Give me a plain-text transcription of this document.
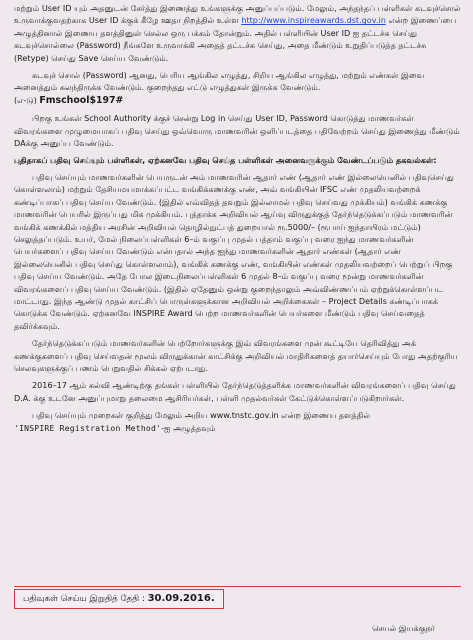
மற்றும் User ID யும் அதனுடன் சேர்த்து இணைத்து உங்களுக்கு அனுப்பப்படும். மேலும், அந்தந்தப் பள்ளிகள் கடவுச்சொல் உருவாக்குவதற்காக User ID க்குக் கீழே ஊதா நிறத்தில் உள்ள http://www.inspireawards.dst.gov.in என்ற இணைப்பை அழுத்தினால் இணைய தளத்தினுள் செல்ல ஒரு பக்கம் தோன்றும். அதில் பள்ளியின் User ID ஐ தட்டச்சு செய்து கடவுச்சொல்லை (Password) நீங்களே உருவாக்கி அதைத் தட்டச்சு செய்து, அதை மீண்டும் உறுதிப்படுத்த தட்டச்சு (Retype) செய்து Save செய்ய வேண்டும்.

கடவுச் சொல் (Password) ஆனது, பெரிய ஆங்கில எழுத்து, சிறிய ஆங்கில எழுத்து, மற்றும் எண்கள் இவை அனைத்தும் கலந்திருக்க வேண்டும். குறைந்தது எட்டு எழுத்துகள் இருக்க வேண்டும்.
(எ-டு) Fmschool$197#

பிறகு உங்கள் School Authority க்குச் சென்று Log in செய்து User ID, Password கொடுத்து மாணவர்கள் விவரங்களை முழுமையாகப் பதிவு செய்து ஒவ்வொரு மாணவரின் ஒளிப்படத்தை பதிவேற்றம் செய்து இணைத்து மீண்டும் DAக்கு அனுப்ப வேண்டும்.

புதிதாகப் பதிவு செய்யும் பள்ளிகள், ஏற்கனவே பதிவு செய்த பள்ளிகள் அனைவருக்கும் வேண்டப்படும் தகவல்கள்:

பதிவு செய்யும் மாணவர்களின் பெயருடன் அம் மாணவரின் ஆதார் எண் (ஆதார் எண் இல்லையெனில் பதிவுசெய்து கொள்ளலாம்) மற்றும் தேசியமயமாக்கப்பட்ட வங்கிக்கணக்கு எண், அவ் வங்கியின் IFSC எண் முதலியவற்றைக் கண்டிப்பாகப் பதிவு செய்ய வேண்டும். (இதில் எவ்விதத் தவறும் இல்லாமல் பதிவு செய்வது முக்கியம்) வங்கிக் கணக்கு மாணவரின் பெயரில் இருப்பது மிக முக்கியம். புத்தாக்க அறிவியல் ஆய்வு விருதுக்குத் தேர்ந்தெடுக்கப்படும் மாணவரின் வங்கிக் கணக்கில் மத்திய அரசின் அறிவியல் தொழில்நுட்பத் துறையால் ரூ.5000/– (ரூபாய் ஐந்தாயிரம் மட்டும்) செலுத்தப்படும். உயர், மேல் நிலைப்பள்ளிகள் 6–ம் வகுப்பு முதல் பத்தாம் வகுப்பு வரை ஐந்து மாணவர்களின் பெயர்களைப் பதிவு செய்ய வேண்டும் என்பதால் அந்த ஐந்து மாணவர்களின் ஆதார் எண்கள் (ஆதார் எண் இல்லையெனில் பதிவு செய்து கொள்ளலாம்), வங்கிக் கணக்கு எண், வங்கியின் எண்கள் முதலியவற்றைப் பெற்றுப் பிறகு பதிவு செய்ய வேண்டும். அதே போல இடைநிலைப்பள்ளிகள் 6 முதல் 8–ம் வகுப்பு வரை மூன்று மாணவர்களின் விவரங்களைப் பதிவு செய்ய வேண்டும். (இதில் ஏதேனும் ஒன்று குறைந்தாலும் அவ்விண்ணப்பம் ஏற்றுக்கொள்ளப்பட மாட்டாது. இந்த ஆண்டு முதல் காட்சிப் பொருள்களுக்கான அறிவியல் அறிக்கைகள் – Project Details கண்டிப்பாகக் கொடுக்க வேண்டும். ஏற்கனவே INSPIRE Award பெற்ற மாணவர்களின் பெயர்களை மீண்டும் பதிவு செய்வதைத் தவிர்க்கவும்.

தேர்ந்தெடுக்கப்படும் மாணவர்களின் பெற்றோர்களுக்கு இவ் விவரங்களை முன் கூட்டியே தெரிவித்து அக் கணக்குகளைப் பதிவு செய்வதன் மூலம் விருதுக்கான் காட்சிக்கு அறிவியல் மாதிரிகளைத் தயார்செய்யும் போது அதற்குரிய செலவுகளுக்குப் பணம் பெறுவதில் சிக்கல் ஏற்படாது.

2016–17 ஆம் கல்வி ஆண்டிற்கு தங்கள் பள்ளியில் தேர்ந்தெடுத்தளிக்க மாணவர்களின் விவரங்களைப் பதிவு செய்து D.A. க்கு உடனே அனுப்புமாறு தலைமை ஆசிரியர்கள், பள்ளி முதல்வர்கள் கேட்டுக்கொள்ளப்படுகிறார்கள்.

பதிவு செய்யும் முறைகள் குறித்து மேலும் அறிய www.tnstc.gov.in என்ற இணைய தளத்தில்
'INSPIRE Registration Method'-ஐ அழுத்தவும்

பதிவுகள் செய்ய இறுதித் தேதி : 30.09.2016.
செயல் இயக்குநர்
